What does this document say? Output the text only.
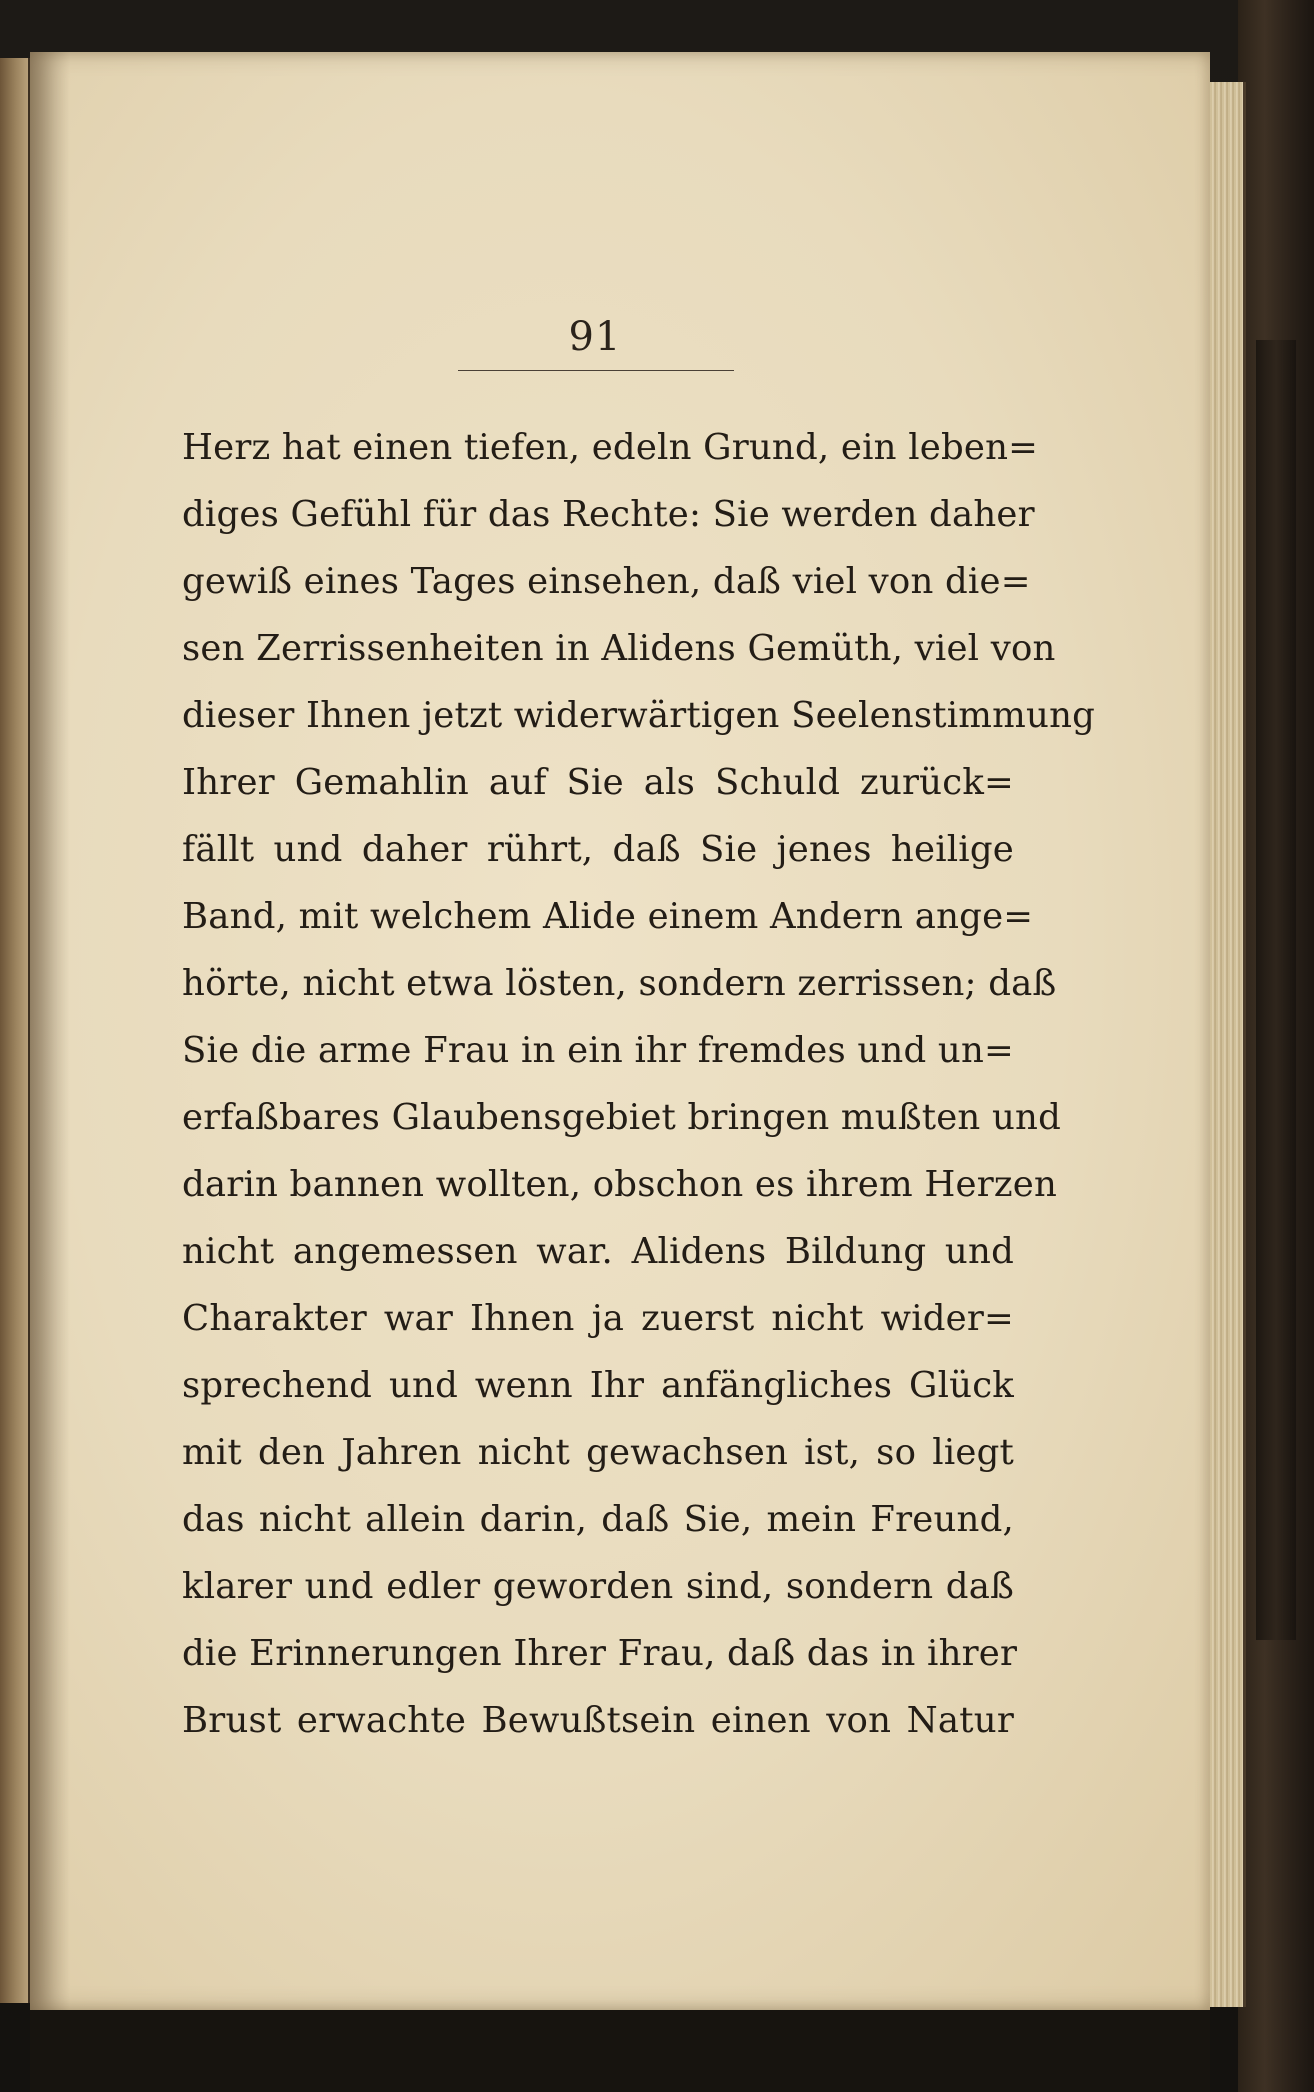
91
Herz hat einen tiefen, edeln Grund, ein leben=
diges Gefühl für das Rechte: Sie werden daher
gewiß eines Tages einsehen, daß viel von die=
sen Zerrissenheiten in Alidens Gemüth, viel von
dieser Ihnen jetzt widerwärtigen Seelenstimmung
Ihrer Gemahlin auf Sie als Schuld zurück=
fällt und daher rührt, daß Sie jenes heilige
Band, mit welchem Alide einem Andern ange=
hörte, nicht etwa lösten, sondern zerrissen; daß
Sie die arme Frau in ein ihr fremdes und un=
erfaßbares Glaubensgebiet bringen mußten und
darin bannen wollten, obschon es ihrem Herzen
nicht angemessen war. Alidens Bildung und
Charakter war Ihnen ja zuerst nicht wider=
sprechend und wenn Ihr anfängliches Glück
mit den Jahren nicht gewachsen ist, so liegt
das nicht allein darin, daß Sie, mein Freund,
klarer und edler geworden sind, sondern daß
die Erinnerungen Ihrer Frau, daß das in ihrer
Brust erwachte Bewußtsein einen von Natur
